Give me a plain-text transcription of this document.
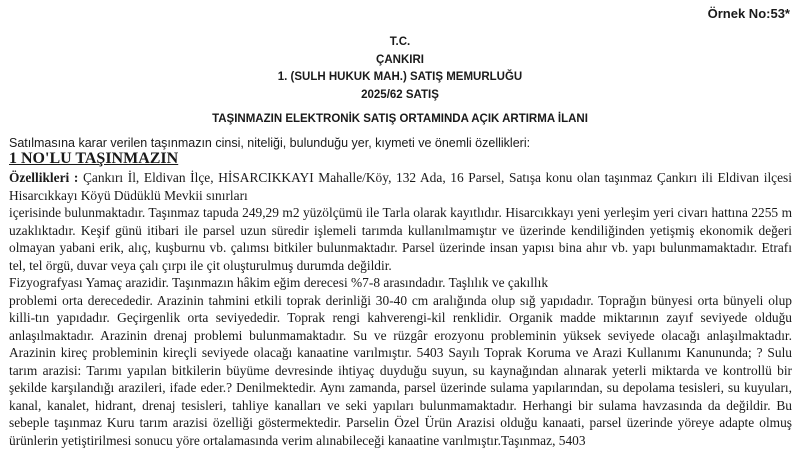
Örnek No:53*
T.C.
ÇANKIRI
1. (SULH HUKUK MAH.) SATIŞ MEMURLUĞU
2025/62 SATIŞ
TAŞINMAZIN ELEKTRONİK SATIŞ ORTAMINDA AÇIK ARTIRMA İLANI
Satılmasına karar verilen taşınmazın cinsi, niteliği, bulunduğu yer, kıymeti ve önemli özellikleri:
1 NO'LU TAŞINMAZIN

Özellikleri : Çankırı İl, Eldivan İlçe, HİSARCIKKAYI Mahalle/Köy, 132 Ada, 16 Parsel, Satışa konu olan taşınmaz Çankırı ili Eldivan ilçesi Hisarcıkkayı Köyü Düdüklü Mevkii sınırları

içerisinde bulunmaktadır. Taşınmaz tapuda 249,29 m2 yüzölçümü ile Tarla olarak kayıtlıdır. Hisarcıkkayı yeni yerleşim yeri civarı hattına 2255 m uzaklıktadır. Keşif günü itibari ile parsel uzun süredir işlemeli tarımda kullanılmamıştır ve üzerinde kendiliğinden yetişmiş ekonomik değeri olmayan yabani erik, alıç, kuşburnu vb. çalımsı bitkiler bulunmaktadır. Parsel üzerinde insan yapısı bina ahır vb. yapı bulunmamaktadır. Etrafı tel, tel örgü, duvar veya çalı çırpı ile çit oluşturulmuş durumda değildir.

Fizyografyası Yamaç arazidir. Taşınmazın hâkim eğim derecesi %7-8 arasındadır. Taşlılık ve çakıllık

problemi orta derecededir. Arazinin tahmini etkili toprak derinliği 30-40 cm aralığında olup sığ yapıdadır. Toprağın bünyesi orta bünyeli olup killi-tın yapıdadır. Geçirgenlik orta seviyededir. Toprak rengi kahverengi-kil renklidir. Organik madde miktarının zayıf seviyede olduğu anlaşılmaktadır. Arazinin drenaj problemi bulunmamaktadır. Su ve rüzgâr erozyonu probleminin yüksek seviyede olacağı anlaşılmaktadır. Arazinin kireç probleminin kireçli seviyede olacağı kanaatine varılmıştır. 5403 Sayılı Toprak Koruma ve Arazi Kullanımı Kanununda; ? Sulu tarım arazisi: Tarımı yapılan bitkilerin büyüme devresinde ihtiyaç duyduğu suyun, su kaynağından alınarak yeterli miktarda ve kontrollü bir şekilde karşılandığı arazileri, ifade eder.? Denilmektedir. Aynı zamanda, parsel üzerinde sulama yapılarından, su depolama tesisleri, su kuyuları, kanal, kanalet, hidrant, drenaj tesisleri, tahliye kanalları ve seki yapıları bulunmamaktadır. Herhangi bir sulama havzasında da değildir. Bu sebeple taşınmaz Kuru tarım arazisi özelliği göstermektedir. Parselin Özel Ürün Arazisi olduğu kanaati, parsel üzerinde yöreye adapte olmuş ürünlerin yetiştirilmesi sonucu yöre ortalamasında verim alınabileceği kanaatine varılmıştır.Taşınmaz, 5403
